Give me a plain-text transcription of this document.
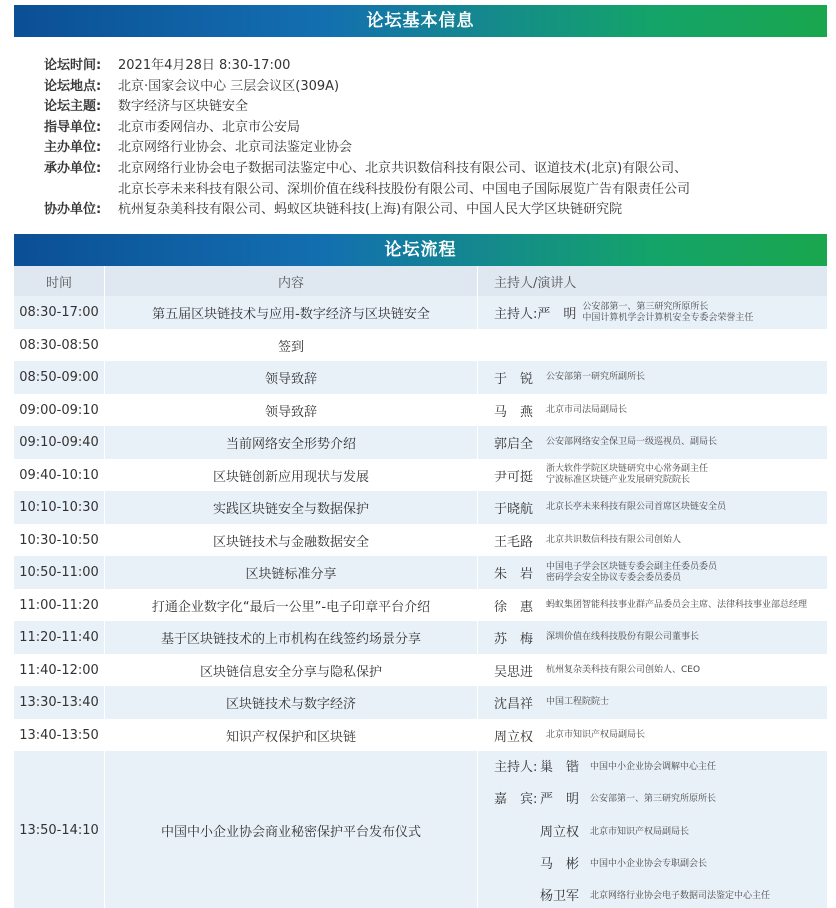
论坛基本信息
论坛时间:	2021年4月28日 8:30-17:00
论坛地点:	北京·国家会议中心 三层会议区(309A)
论坛主题:	数字经济与区块链安全
指导单位:	北京市委网信办、北京市公安局
主办单位:	北京网络行业协会、北京司法鉴定业协会
承办单位:	北京网络行业协会电子数据司法鉴定中心、北京共识数信科技有限公司、讴道技术(北京)有限公司、
北京长亭未来科技有限公司、深圳价值在线科技股份有限公司、中国电子国际展览广告有限责任公司
协办单位:	杭州复杂美科技有限公司、蚂蚁区块链科技(上海)有限公司、中国人民大学区块链研究院
论坛流程
时间	内容	主持人/演讲人
08:30-17:00	第五届区块链技术与应用-数字经济与区块链安全	主持人:严　明
公安部第一、第三研究所原所长
中国计算机学会计算机安全专委会荣誉主任
08:30-08:50	签到
08:50-09:00	领导致辞	于　锐	公安部第一研究所副所长
09:00-09:10	领导致辞	马　燕	北京市司法局副局长
09:10-09:40	当前网络安全形势介绍	郭启全	公安部网络安全保卫局一级巡视员、副局长
09:40-10:10	区块链创新应用现状与发展	尹可挺
浙大软件学院区块链研究中心常务副主任
宁波标准区块链产业发展研究院院长
10:10-10:30	实践区块链安全与数据保护	于晓航	北京长亭未来科技有限公司首席区块链安全员
10:30-10:50	区块链技术与金融数据安全	王毛路	北京共识数信科技有限公司创始人
10:50-11:00	区块链标准分享	朱　岩
中国电子学会区块链专委会副主任委员委员
密码学会安全协议专委会委员委员
11:00-11:20	打通企业数字化“最后一公里”-电子印章平台介绍	徐　惠	蚂蚁集团智能科技事业群产品委员会主席、法律科技事业部总经理
11:20-11:40	基于区块链技术的上市机构在线签约场景分享	苏　梅	深圳价值在线科技股份有限公司董事长
11:40-12:00	区块链信息安全分享与隐私保护	吴思进	杭州复杂美科技有限公司创始人、CEO
13:30-13:40	区块链技术与数字经济	沈昌祥	中国工程院院士
13:40-13:50	知识产权保护和区块链	周立权	北京市知识产权局副局长
13:50-14:10	中国中小企业协会商业秘密保护平台发布仪式
主持人: 巢　锴	中国中小企业协会调解中心主任
嘉　宾: 严　明	公安部第一、第三研究所原所长
周立权	北京市知识产权局副局长
马　彬	中国中小企业协会专职副会长
杨卫军	北京网络行业协会电子数据司法鉴定中心主任
